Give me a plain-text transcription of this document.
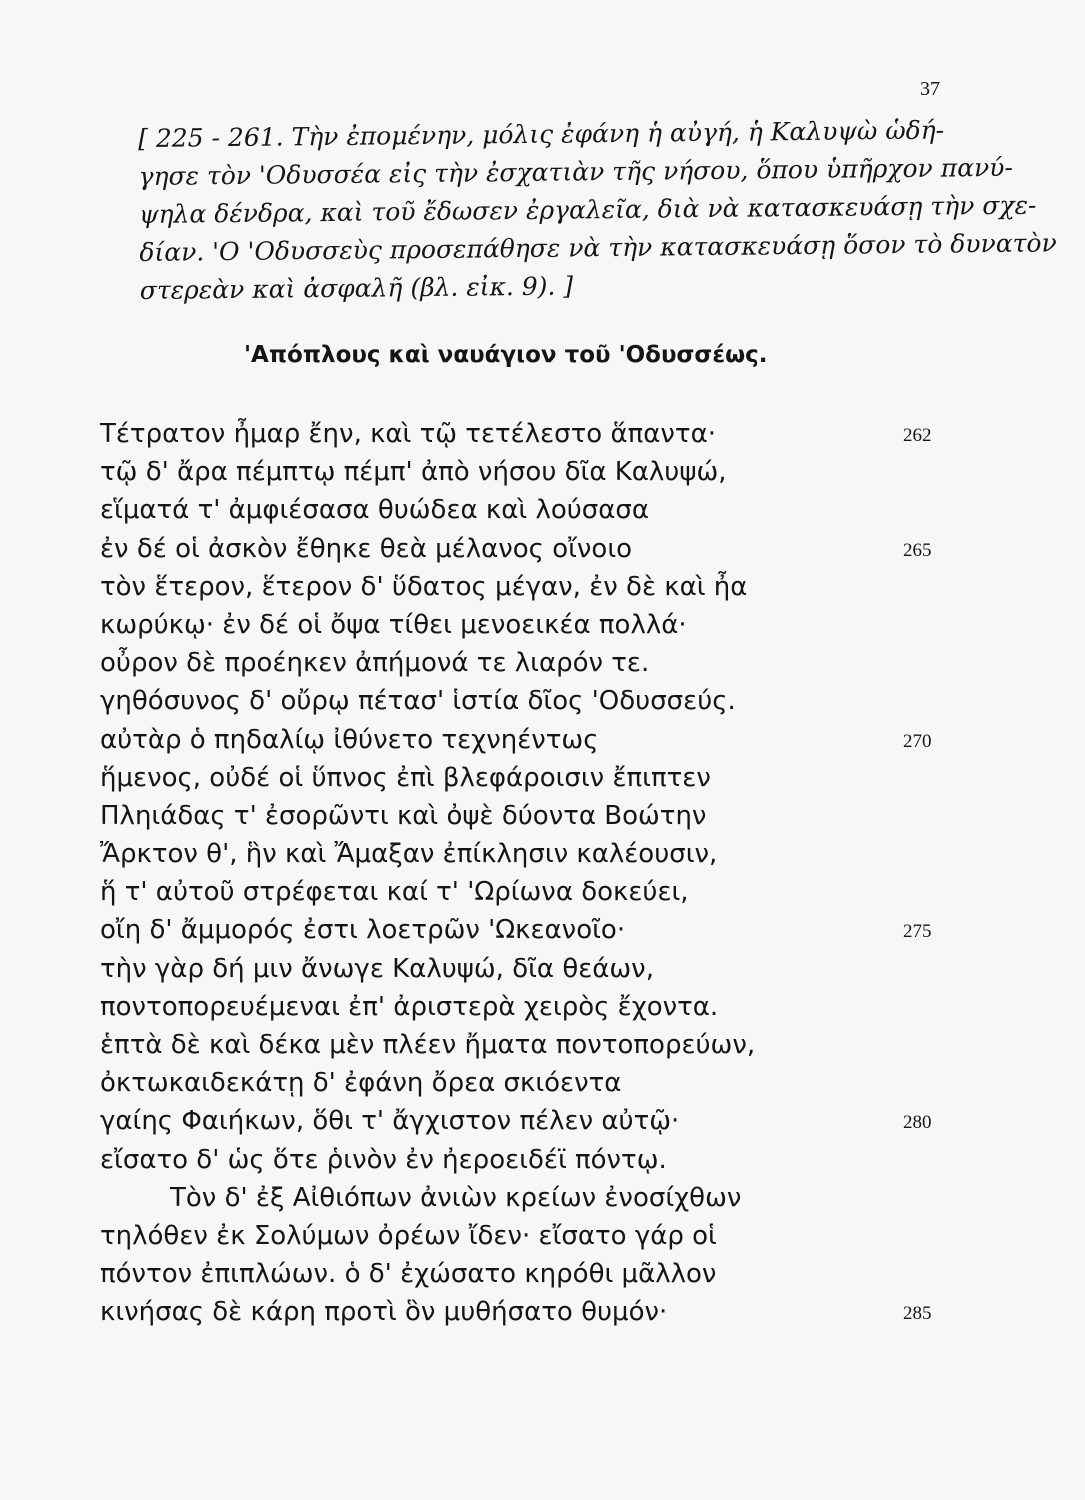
37
[ 225 - 261. Τὴν ἐπομένην, μόλις ἐφάνη ἡ αὐγή, ἡ Καλυψὼ ὡδή-
γησε τὸν 'Οδυσσέα εἰς τὴν ἐσχατιὰν τῆς νήσου, ὅπου ὑπῆρχον πανύ-
ψηλα δένδρα, καὶ τοῦ ἔδωσεν ἐργαλεῖα, διὰ νὰ κατασκευάσῃ τὴν σχε-
δίαν. 'Ο 'Οδυσσεὺς προσεπάθησε νὰ τὴν κατασκευάσῃ ὅσον τὸ δυνατὸν
στερεὰν καὶ ἀσφαλῆ (βλ. εἰκ. 9). ]
'Απόπλους καὶ ναυάγιον τοῦ 'Οδυσσέως.
Τέτρατον ἦμαρ ἔην, καὶ τῷ τετέλεστο ἅπαντα·	262
τῷ δ' ἄρα πέμπτῳ πέμπ' ἀπὸ νήσου δῖα Καλυψώ,
εἵματά τ' ἀμφιέσασα θυώδεα καὶ λούσασα
ἐν δέ οἱ ἀσκὸν ἔθηκε θεὰ μέλανος οἴνοιο	265
τὸν ἕτερον, ἕτερον δ' ὕδατος μέγαν, ἐν δὲ καὶ ἦα
κωρύκῳ· ἐν δέ οἱ ὄψα τίθει μενοεικέα πολλά·
οὖρον δὲ προέηκεν ἀπήμονά τε λιαρόν τε.
γηθόσυνος δ' οὔρῳ πέτασ' ἱστία δῖος 'Οδυσσεύς.
αὐτὰρ ὁ πηδαλίῳ ἰθύνετο τεχνηέντως	270
ἥμενος, οὐδέ οἱ ὕπνος ἐπὶ βλεφάροισιν ἔπιπτεν
Πληιάδας τ' ἐσορῶντι καὶ ὀψὲ δύοντα Βοώτην
Ἄρκτον θ', ἣν καὶ Ἄμαξαν ἐπίκλησιν καλέουσιν,
ἥ τ' αὐτοῦ στρέφεται καί τ' 'Ωρίωνα δοκεύει,
οἴη δ' ἄμμορός ἐστι λοετρῶν 'Ωκεανοῖο·	275
τὴν γὰρ δή μιν ἄνωγε Καλυψώ, δῖα θεάων,
ποντοπορευέμεναι ἐπ' ἀριστερὰ χειρὸς ἔχοντα.
ἑπτὰ δὲ καὶ δέκα μὲν πλέεν ἤματα ποντοπορεύων,
ὀκτωκαιδεκάτῃ δ' ἐφάνη ὄρεα σκιόεντα
γαίης Φαιήκων, ὅθι τ' ἄγχιστον πέλεν αὐτῷ·	280
εἴσατο δ' ὡς ὅτε ῥινὸν ἐν ἠεροειδέϊ πόντῳ.
Τὸν δ' ἐξ Αἰθιόπων ἀνιὼν κρείων ἐνοσίχθων
τηλόθεν ἐκ Σολύμων ὀρέων ἴδεν· εἴσατο γάρ οἱ
πόντον ἐπιπλώων. ὁ δ' ἐχώσατο κηρόθι μᾶλλον
κινήσας δὲ κάρη προτὶ ὃν μυθήσατο θυμόν·	285
